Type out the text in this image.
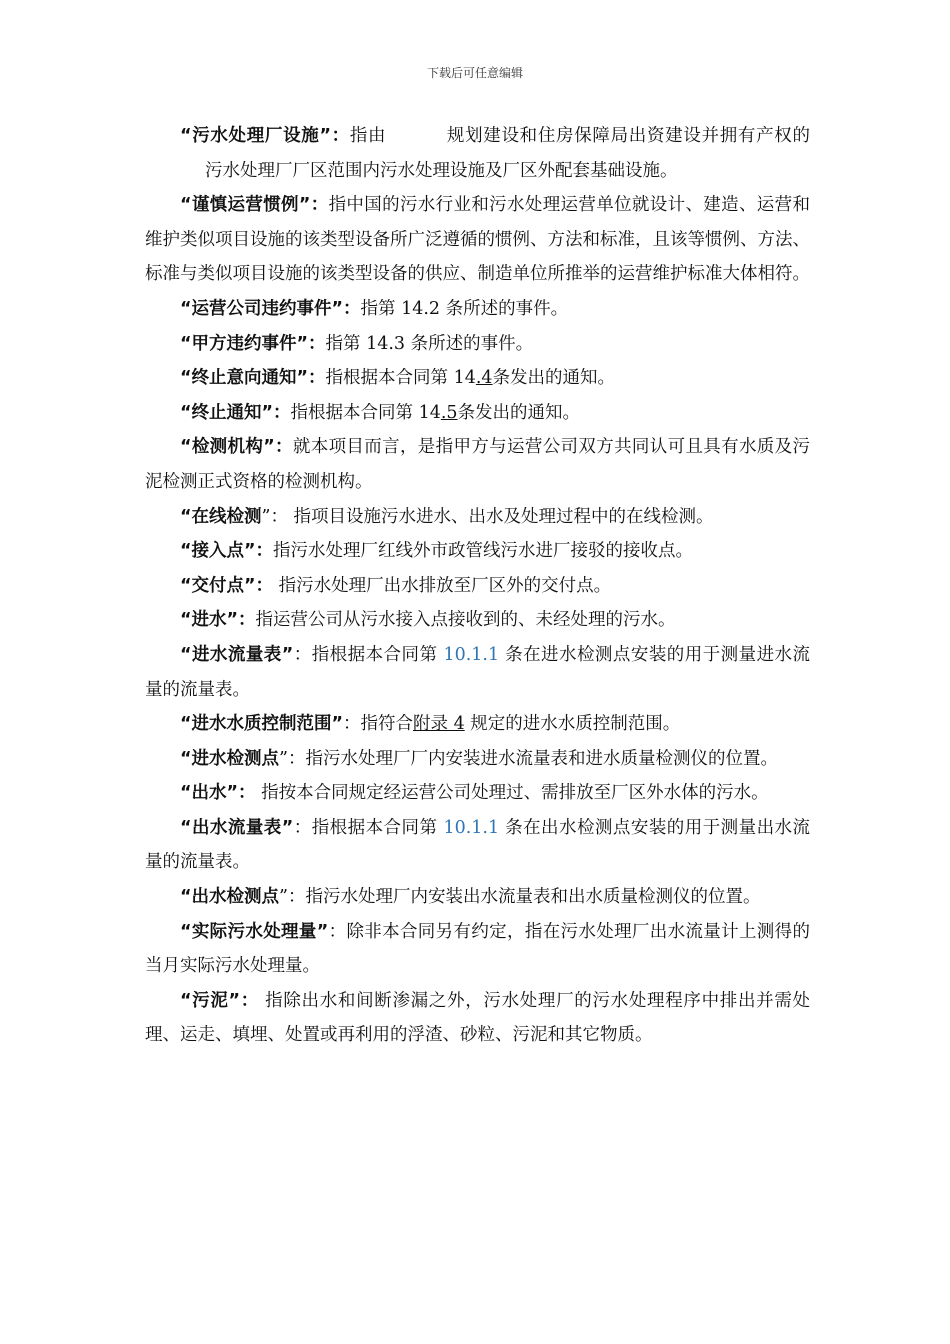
下载后可任意编辑

“污水处理厂设施”：指由	规划建设和住房保障局出资建设并拥有产权的污水处理厂厂区范围内污水处理设施及厂区外配套基础设施。

“谨慎运营惯例”：指中国的污水行业和污水处理运营单位就设计、建造、运营和维护类似项目设施的该类型设备所广泛遵循的惯例、方法和标准，且该等惯例、方法、标准与类似项目设施的该类型设备的供应、制造单位所推举的运营维护标准大体相符。

“运营公司违约事件”：指第 14.2 条所述的事件。

“甲方违约事件”：指第 14.3 条所述的事件。

“终止意向通知”：指根据本合同第 14.4条发出的通知。

“终止通知”：指根据本合同第 14.5条发出的通知。

“检测机构”：就本项目而言，是指甲方与运营公司双方共同认可且具有水质及污泥检测正式资格的检测机构。

“在线检测”： 指项目设施污水进水、出水及处理过程中的在线检测。

“接入点”：指污水处理厂红线外市政管线污水进厂接驳的接收点。

“交付点”： 指污水处理厂出水排放至厂区外的交付点。

“进水”：指运营公司从污水接入点接收到的、未经处理的污水。

“进水流量表”：指根据本合同第 10.1.1 条在进水检测点安装的用于测量进水流量的流量表。

“进水水质控制范围”：指符合附录 4 规定的进水水质控制范围。

“进水检测点”：指污水处理厂厂内安装进水流量表和进水质量检测仪的位置。

“出水”： 指按本合同规定经运营公司处理过、需排放至厂区外水体的污水。

“出水流量表”：指根据本合同第 10.1.1 条在出水检测点安装的用于测量出水流量的流量表。

“出水检测点”：指污水处理厂内安装出水流量表和出水质量检测仪的位置。

“实际污水处理量”：除非本合同另有约定，指在污水处理厂出水流量计上测得的当月实际污水处理量。

“污泥”： 指除出水和间断渗漏之外，污水处理厂的污水处理程序中排出并需处理、运走、填埋、处置或再利用的浮渣、砂粒、污泥和其它物质。
